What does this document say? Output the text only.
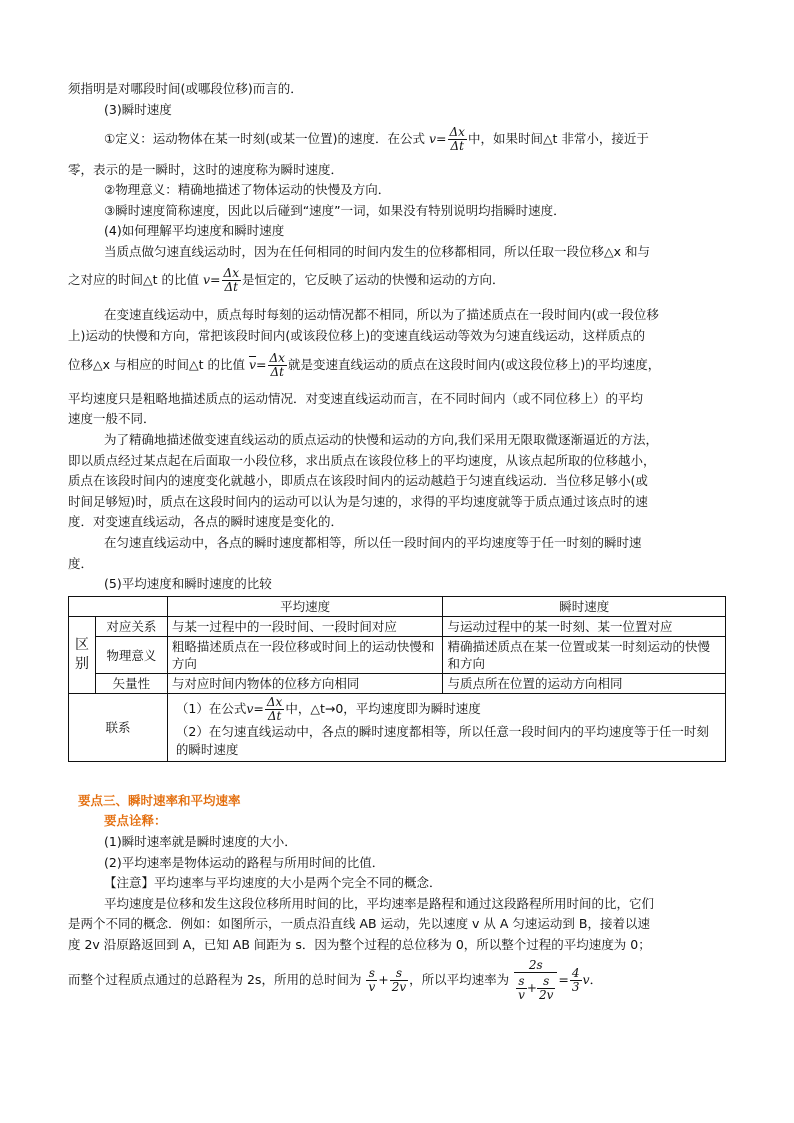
须指明是对哪段时间(或哪段位移)而言的．
(3)瞬时速度
①定义：运动物体在某一时刻(或某一位置)的速度．在公式 $v= \frac{\Delta x}{\Delta t}$ 中，如果时间△t 非常小，接近于
零，表示的是一瞬时，这时的速度称为瞬时速度．
②物理意义：精确地描述了物体运动的快慢及方向．
③瞬时速度简称速度，因此以后碰到“速度”一词，如果没有特别说明均指瞬时速度．
(4)如何理解平均速度和瞬时速度
当质点做匀速直线运动时，因为在任何相同的时间内发生的位移都相同，所以任取一段位移△x 和与
之对应的时间△t 的比值 $v= \frac{\Delta x}{\Delta t}$ 是恒定的，它反映了运动的快慢和运动的方向．
在变速直线运动中，质点每时每刻的运动情况都不相同，所以为了描述质点在一段时间内(或一段位移
上)运动的快慢和方向，常把该段时间内(或该段位移上)的变速直线运动等效为匀速直线运动，这样质点的
位移△x 与相应的时间△t 的比值 $\overline{v}= \frac{\Delta x}{\Delta t}$ 就是变速直线运动的质点在这段时间内(或这段位移上)的平均速度，
平均速度只是粗略地描述质点的运动情况．对变速直线运动而言，在不同时间内（或不同位移上）的平均
速度一般不同．
为了精确地描述做变速直线运动的质点运动的快慢和运动的方向,我们采用无限取微逐渐逼近的方法，
即以质点经过某点起在后面取一小段位移，求出质点在该段位移上的平均速度，从该点起所取的位移越小，
质点在该段时间内的速度变化就越小，即质点在该段时间内的运动越趋于匀速直线运动．当位移足够小(或
时间足够短)时，质点在这段时间内的运动可以认为是匀速的，求得的平均速度就等于质点通过该点时的速
度．对变速直线运动，各点的瞬时速度是变化的．
在匀速直线运动中，各点的瞬时速度都相等，所以任一段时间内的平均速度等于任一时刻的瞬时速
度．
(5)平均速度和瞬时速度的比较
		平均速度	瞬时速度
区
别	对应关系	与某一过程中的一段时间、一段时间对应	与运动过程中的某一时刻、某一位置对应
	物理意义	粗略描述质点在一段位移或时间上的运动快慢和方向	精确描述质点在某一位置或某一时刻运动的快慢和方向
	矢量性	与对应时间内物体的位移方向相同	与质点所在位置的运动方向相同
联系		（1）在公式$v= \frac{\Delta x}{\Delta t}$ 中，△t→0，平均速度即为瞬时速度
（2）在匀速直线运动中，各点的瞬时速度都相等，所以任意一段时间内的平均速度等于任一时刻的瞬时速度	
要点三、瞬时速率和平均速率
要点诠释：
(1)瞬时速率就是瞬时速度的大小．
(2)平均速率是物体运动的路程与所用时间的比值．
【注意】平均速率与平均速度的大小是两个完全不同的概念．
平均速度是位移和发生这段位移所用时间的比，平均速率是路程和通过这段路程所用时间的比，它们
是两个不同的概念．例如：如图所示，一质点沿直线 AB 运动，先以速度 v 从 A 匀速运动到 B，接着以速
度 2v 沿原路返回到 A，已知 AB 间距为 s．因为整个过程的总位移为 0，所以整个过程的平均速度为 0；
而整个过程质点通过的总路程为 2s，所用的总时间为 $\frac{s}{v} + \frac{s}{2v}$ ，所以平均速率为 $\frac{2s}{\frac{s}{v} + \frac{s}{2v}} = \frac{4}{3}$ v．
